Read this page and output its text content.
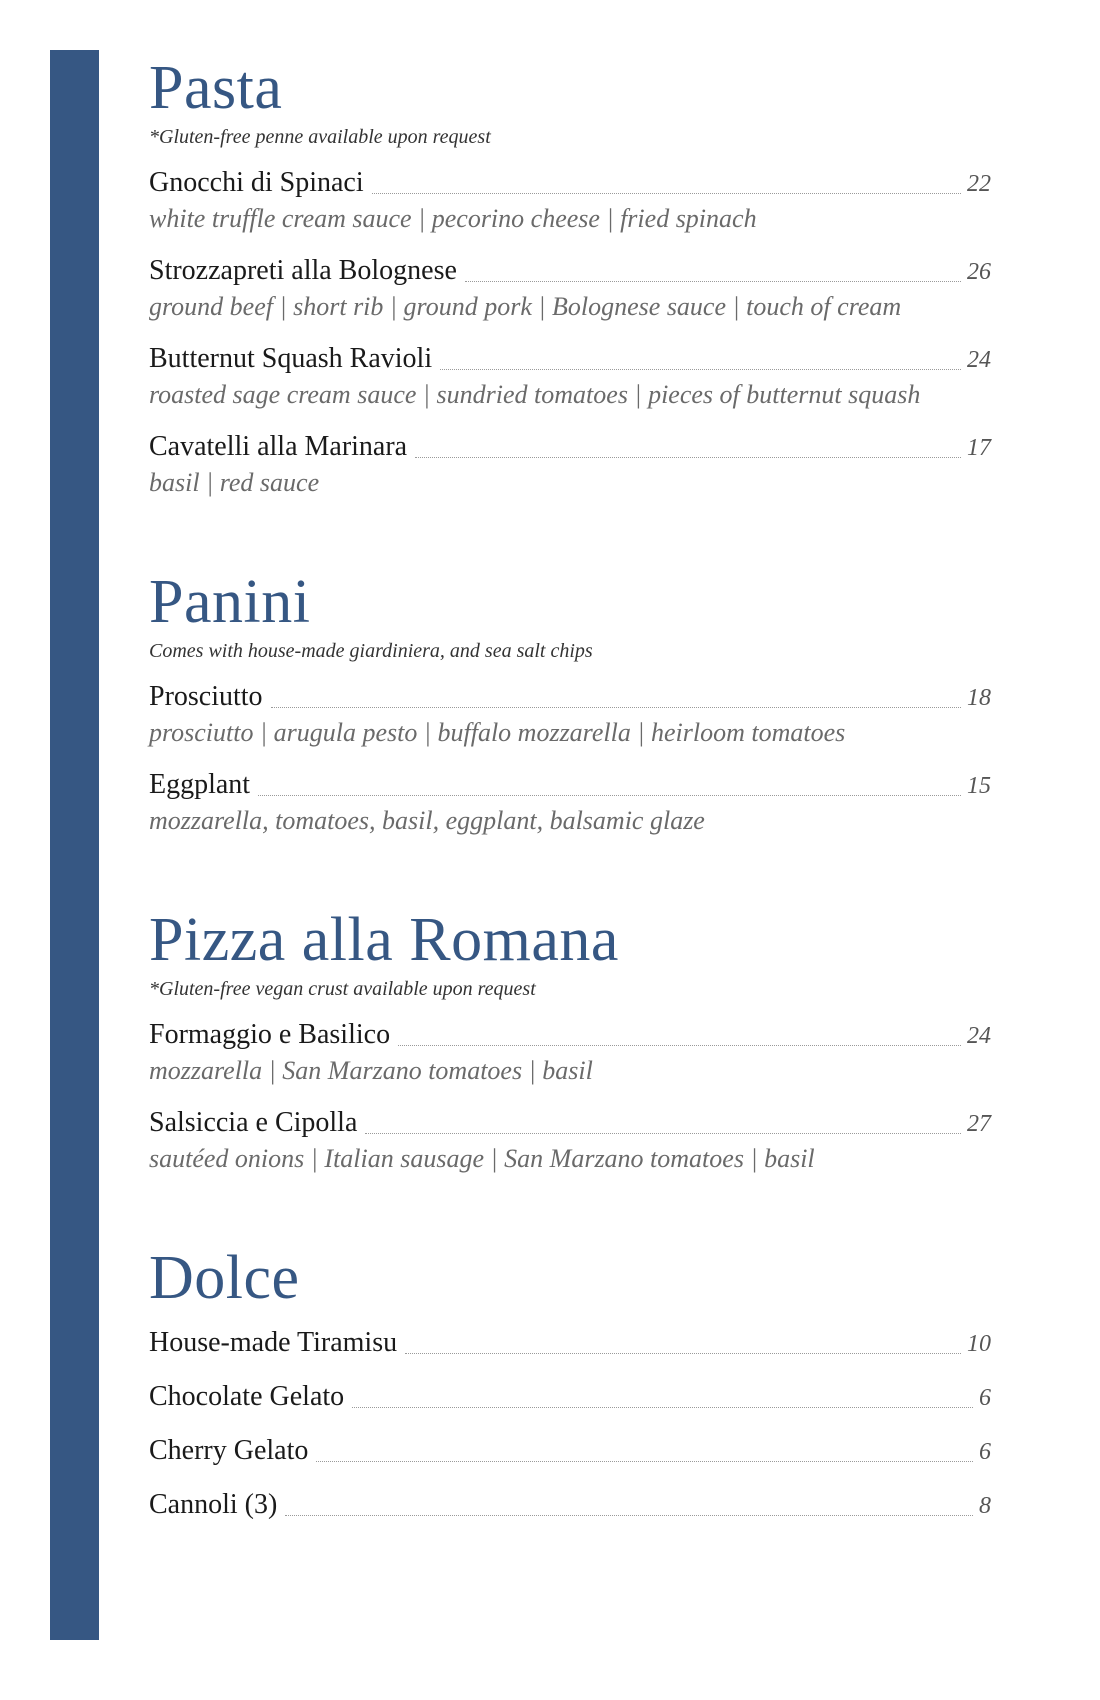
Pasta
*Gluten-free penne available upon request
Gnocchi di Spinaci	22
white truffle cream sauce | pecorino cheese | fried spinach
Strozzapreti alla Bolognese	26
ground beef | short rib | ground pork | Bolognese sauce | touch of cream
Butternut Squash Ravioli	24
roasted sage cream sauce | sundried tomatoes | pieces of butternut squash
Cavatelli alla Marinara	17
basil | red sauce
Panini
Comes with house-made giardiniera, and sea salt chips
Prosciutto	18
prosciutto | arugula pesto | buffalo mozzarella | heirloom tomatoes
Eggplant	15
mozzarella, tomatoes, basil, eggplant, balsamic glaze
Pizza alla Romana
*Gluten-free vegan crust available upon request
Formaggio e Basilico	24
mozzarella | San Marzano tomatoes | basil
Salsiccia e Cipolla	27
sautéed onions | Italian sausage | San Marzano tomatoes | basil
Dolce
House-made Tiramisu	10
Chocolate Gelato	6
Cherry Gelato	6
Cannoli (3)	8
